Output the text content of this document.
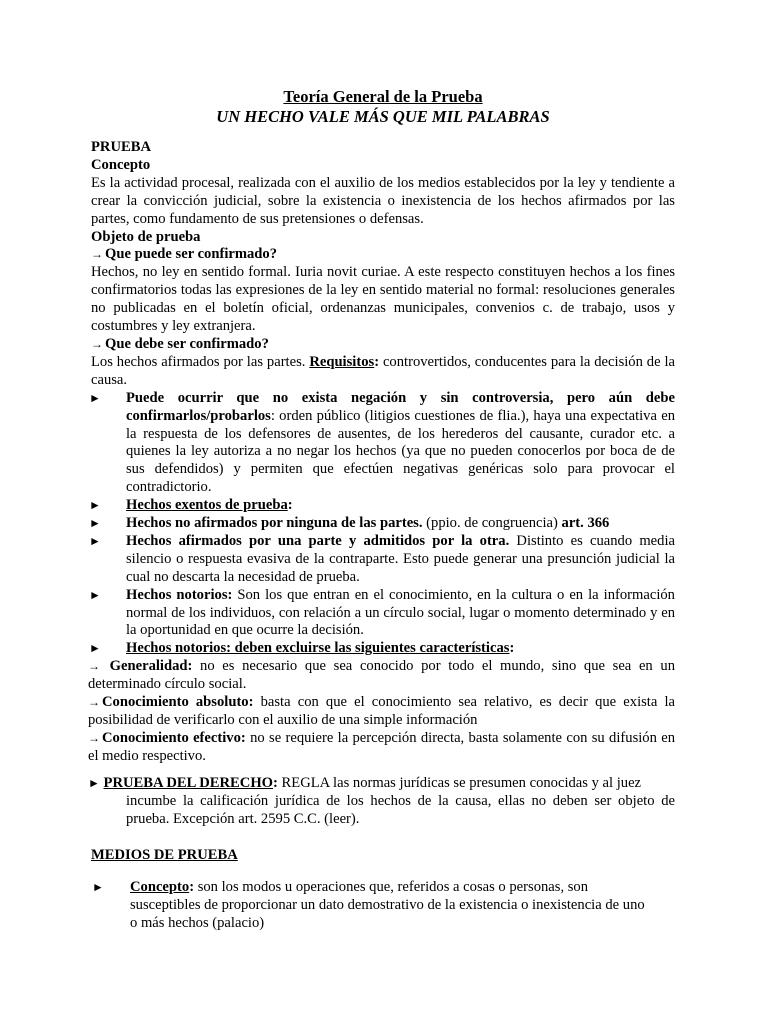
Teoría General de la Prueba
UN HECHO VALE MÁS QUE MIL PALABRAS

PRUEBA

Concepto

Es la actividad procesal, realizada con el auxilio de los medios establecidos por la ley y tendiente a crear la convicción judicial, sobre la existencia o inexistencia de los hechos afirmados por las partes, como fundamento de sus pretensiones o defensas.

Objeto de prueba

→ Que puede ser confirmado?

Hechos, no ley en sentido formal. Iuria novit curiae. A este respecto constituyen hechos a los fines confirmatorios todas las expresiones de la ley en sentido material no formal: resoluciones generales no publicadas en el boletín oficial, ordenanzas municipales, convenios c. de trabajo, usos y costumbres y ley extranjera.

→ Que debe ser confirmado?

Los hechos afirmados por las partes. Requisitos: controvertidos, conducentes para la decisión de la causa.

► Puede ocurrir que no exista negación y sin controversia, pero aún debe confirmarlos/probarlos: orden público (litigios cuestiones de flia.), haya una expectativa en la respuesta de los defensores de ausentes, de los herederos del causante, curador etc. a quienes la ley autoriza a no negar los hechos (ya que no pueden conocerlos por boca de de sus defendidos) y permiten que efectúen negativas genéricas solo para provocar el contradictorio.
► Hechos exentos de prueba:
► Hechos no afirmados por ninguna de las partes. (ppio. de congruencia) art. 366
► Hechos afirmados por una parte y admitidos por la otra. Distinto es cuando media silencio o respuesta evasiva de la contraparte. Esto puede generar una presunción judicial la cual no descarta la necesidad de prueba.
► Hechos notorios: Son los que entran en el conocimiento, en la cultura o en la información normal de los individuos, con relación a un círculo social, lugar o momento determinado y en la oportunidad en que ocurre la decisión.
► Hechos notorios: deben excluirse las siguientes características:

→ Generalidad: no es necesario que sea conocido por todo el mundo, sino que sea en un determinado círculo social.

→ Conocimiento absoluto: basta con que el conocimiento sea relativo, es decir que exista la posibilidad de verificarlo con el auxilio de una simple información

→ Conocimiento efectivo: no se requiere la percepción directa, basta solamente con su difusión en el medio respectivo.

► PRUEBA DEL DERECHO: REGLA las normas jurídicas se presumen conocidas y al juez
incumbe la calificación jurídica de los hechos de la causa, ellas no deben ser objeto de prueba. Excepción art. 2595 C.C. (leer).

MEDIOS DE PRUEBA

► Concepto: son los modos u operaciones que, referidos a cosas o personas, son susceptibles de proporcionar un dato demostrativo de la existencia o inexistencia de uno o más hechos (palacio)
